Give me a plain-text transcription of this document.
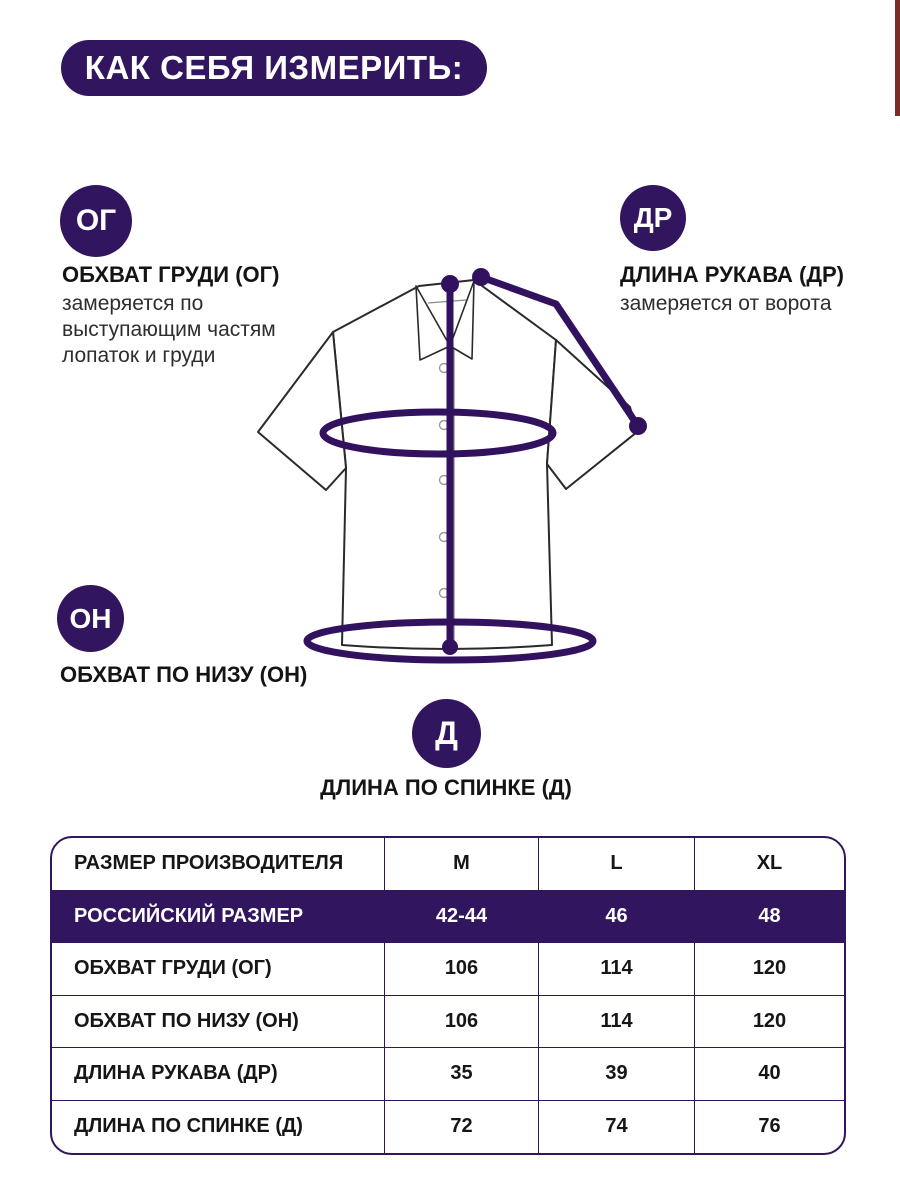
КАК СЕБЯ ИЗМЕРИТЬ:
ОГ
ОБХВАТ ГРУДИ (ОГ)
замеряется по
выступающим частям
лопаток и груди
ДР
ДЛИНА РУКАВА (ДР)
замеряется от ворота
ОН
ОБХВАТ ПО НИЗУ (ОН)
Д
ДЛИНА ПО СПИНКЕ (Д)
РАЗМЕР ПРОИЗВОДИТЕЛЯ	M	L	XL
РОССИЙСКИЙ РАЗМЕР	42-44	46	48
ОБХВАТ ГРУДИ (ОГ)	106	114	120
ОБХВАТ ПО НИЗУ (ОН)	106	114	120
ДЛИНА РУКАВА (ДР)	35	39	40
ДЛИНА ПО СПИНКЕ (Д)	72	74	76
